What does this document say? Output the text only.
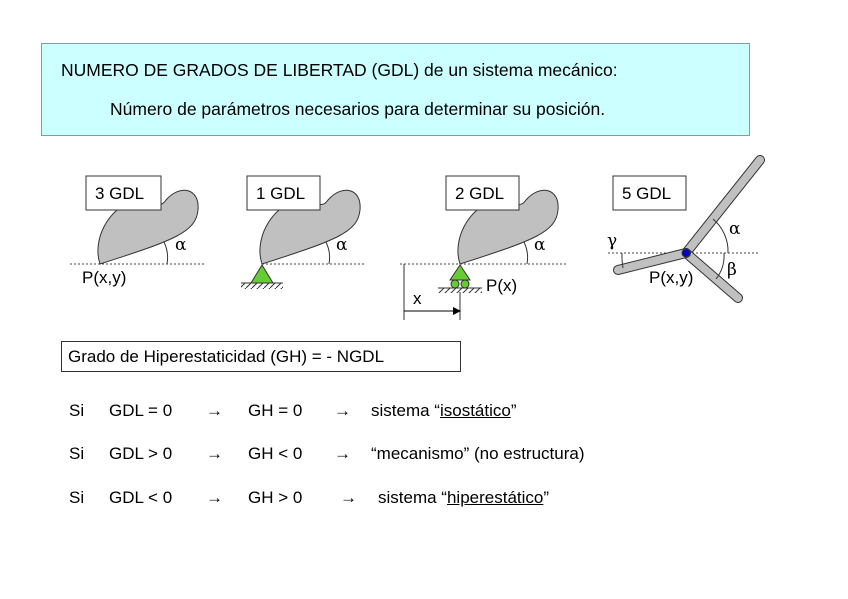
NUMERO DE GRADOS DE LIBERTAD (GDL) de un sistema mecánico:
Número de parámetros necesarios para determinar su posición.
3 GDL
α
P(x,y)
1 GDL
α
2 GDL
α
P(x)
x
5 GDL
α
β
γ
P(x,y)
Grado de Hiperestaticidad (GH) = - NGDL
Si GDL = 0 → GH = 0 → sistema “isostático”
Si GDL > 0 → GH < 0 → “mecanismo” (no estructura)
Si GDL < 0 → GH > 0 → sistema “hiperestático”
